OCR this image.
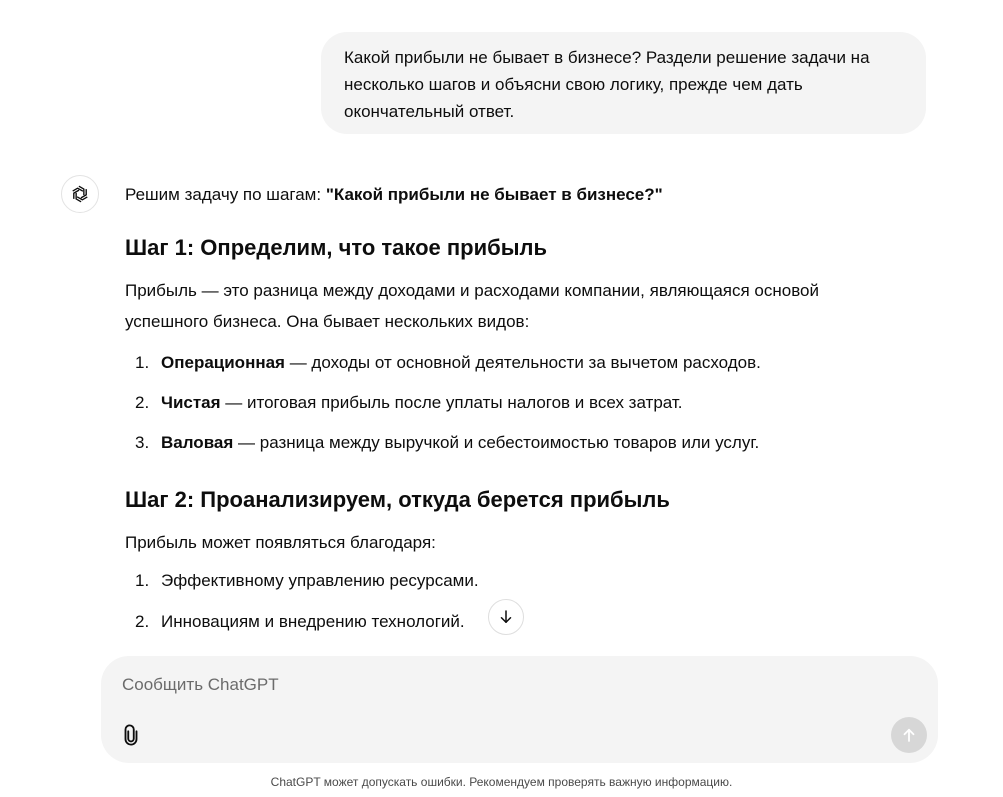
Какой прибыли не бывает в бизнесе? Раздели решение задачи на несколько шагов и объясни свою логику, прежде чем дать окончательный ответ.

Решим задачу по шагам: "Какой прибыли не бывает в бизнесе?"

Шаг 1: Определим, что такое прибыль

Прибыль — это разница между доходами и расходами компании, являющаяся основой успешного бизнеса. Она бывает нескольких видов:

1. Операционная — доходы от основной деятельности за вычетом расходов.
2. Чистая — итоговая прибыль после уплаты налогов и всех затрат.
3. Валовая — разница между выручкой и себестоимостью товаров или услуг.
Шаг 2: Проанализируем, откуда берется прибыль

Прибыль может появляться благодаря:

1. Эффективному управлению ресурсами.
2. Инновациям и внедрению технологий.
Сообщить ChatGPT
ChatGPT может допускать ошибки. Рекомендуем проверять важную информацию.
